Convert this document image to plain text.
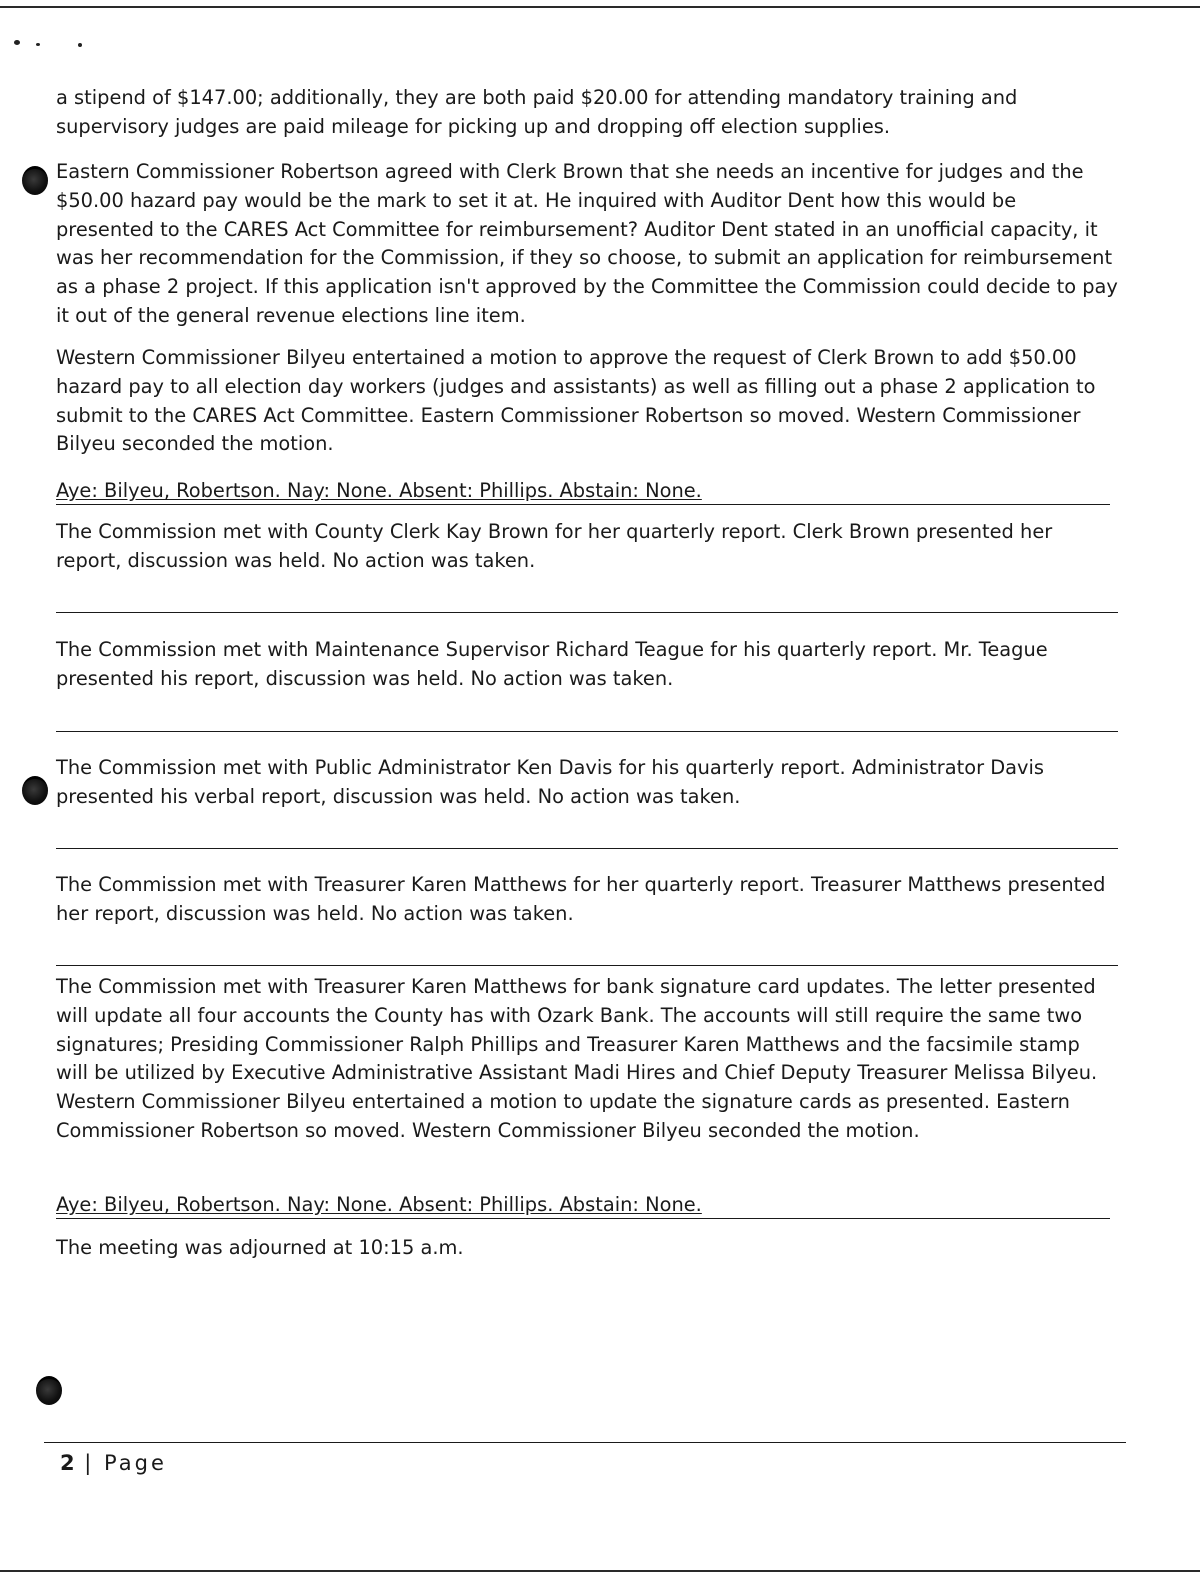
a stipend of $147.00; additionally, they are both paid $20.00 for attending mandatory training and supervisory judges are paid mileage for picking up and dropping off election supplies.

Eastern Commissioner Robertson agreed with Clerk Brown that she needs an incentive for judges and the $50.00 hazard pay would be the mark to set it at. He inquired with Auditor Dent how this would be presented to the CARES Act Committee for reimbursement? Auditor Dent stated in an unofficial capacity, it was her recommendation for the Commission, if they so choose, to submit an application for reimbursement as a phase 2 project. If this application isn't approved by the Committee the Commission could decide to pay it out of the general revenue elections line item.

Western Commissioner Bilyeu entertained a motion to approve the request of Clerk Brown to add $50.00 hazard pay to all election day workers (judges and assistants) as well as filling out a phase 2 application to submit to the CARES Act Committee. Eastern Commissioner Robertson so moved. Western Commissioner Bilyeu seconded the motion.

Aye: Bilyeu, Robertson. Nay: None. Absent: Phillips. Abstain: None.

The Commission met with County Clerk Kay Brown for her quarterly report. Clerk Brown presented her report, discussion was held. No action was taken.

The Commission met with Maintenance Supervisor Richard Teague for his quarterly report. Mr. Teague presented his report, discussion was held. No action was taken.

The Commission met with Public Administrator Ken Davis for his quarterly report. Administrator Davis presented his verbal report, discussion was held. No action was taken.

The Commission met with Treasurer Karen Matthews for her quarterly report. Treasurer Matthews presented her report, discussion was held. No action was taken.

The Commission met with Treasurer Karen Matthews for bank signature card updates. The letter presented will update all four accounts the County has with Ozark Bank. The accounts will still require the same two signatures; Presiding Commissioner Ralph Phillips and Treasurer Karen Matthews and the facsimile stamp will be utilized by Executive Administrative Assistant Madi Hires and Chief Deputy Treasurer Melissa Bilyeu. Western Commissioner Bilyeu entertained a motion to update the signature cards as presented. Eastern Commissioner Robertson so moved. Western Commissioner Bilyeu seconded the motion.

Aye: Bilyeu, Robertson. Nay: None. Absent: Phillips. Abstain: None.

The meeting was adjourned at 10:15 a.m.

2 | Page
